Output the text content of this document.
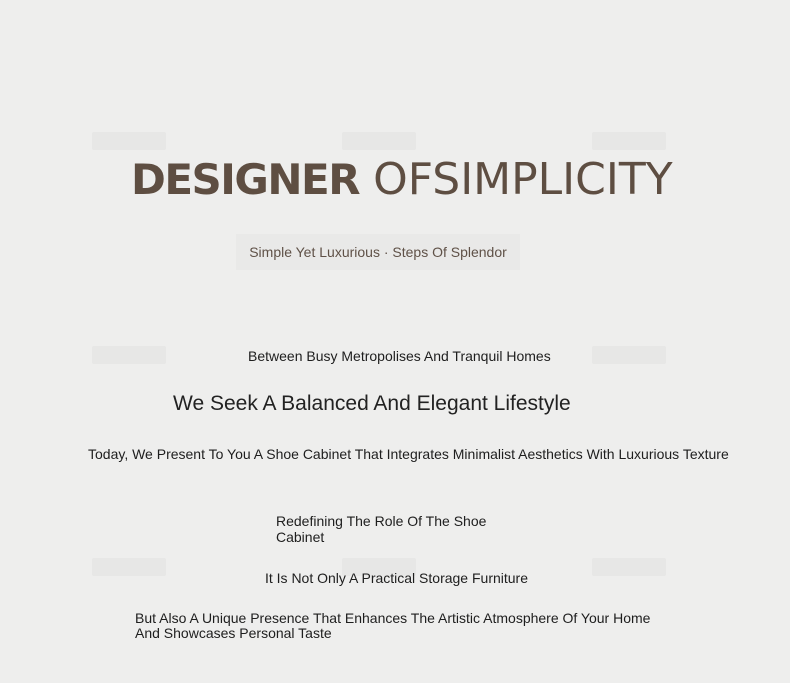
DESIGNER OFSIMPLICITY
Simple Yet Luxurious · Steps Of Splendor
Between Busy Metropolises And Tranquil Homes
We Seek A Balanced And Elegant Lifestyle
Today, We Present To You A Shoe Cabinet That Integrates Minimalist Aesthetics With Luxurious Texture
Redefining The Role Of The Shoe Cabinet
It Is Not Only A Practical Storage Furniture
But Also A Unique Presence That Enhances The Artistic Atmosphere Of Your Home And Showcases Personal Taste
